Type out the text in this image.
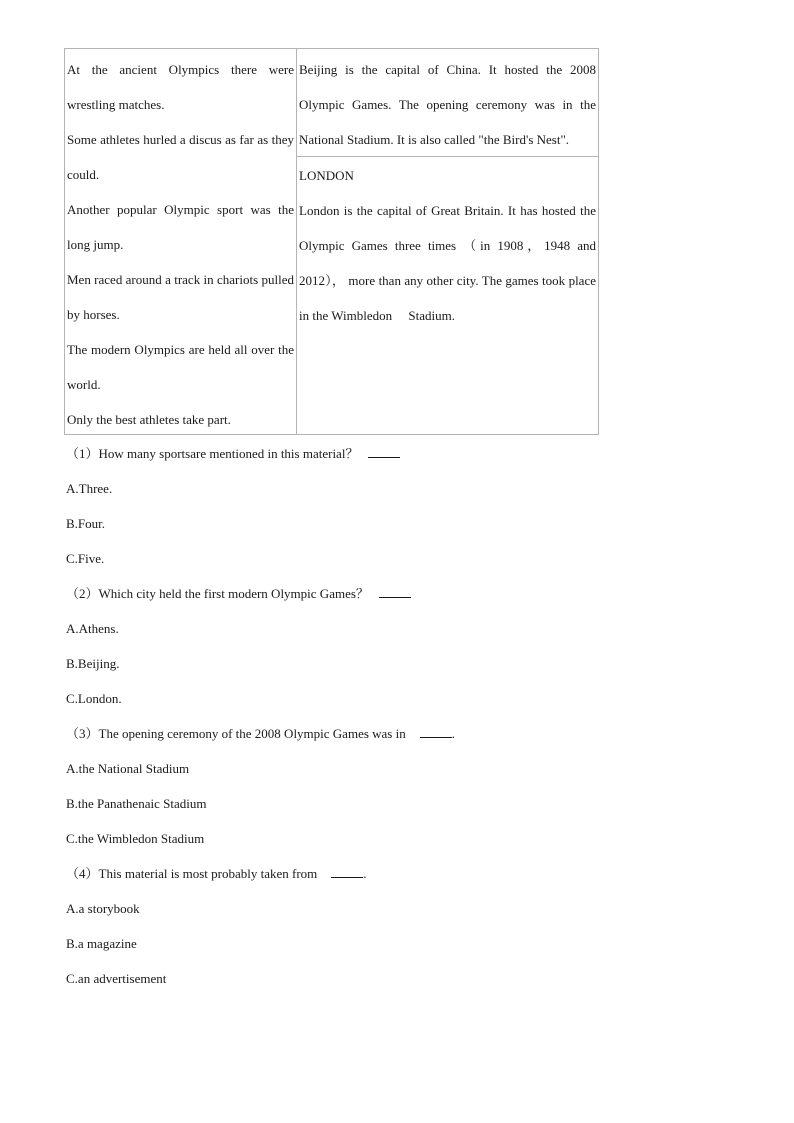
At the ancient Olympics there were wrestling matches.

Some athletes hurled a discus as far as they could.

Another popular Olympic sport was the long jump.

Men raced around a track in chariots pulled by horses.

The modern Olympics are held all over the world.

Only the best athletes take part.

Beijing is the capital of China. It hosted the 2008 Olympic Games. The opening ceremony was in the National Stadium. It is also called "the Bird's Nest".

LONDON

London is the capital of Great Britain. It has hosted the Olympic Games three times （in 1908，1948 and 2012）， more than any other city. The games took place in the Wimbledon　 Stadium.

（1）How many sportsare mentioned in this material？
A.Three.
B.Four.
C.Five.
（2）Which city held the first modern Olympic Games？
A.Athens.
B.Beijing.
C.London.
（3）The opening ceremony of the 2008 Olympic Games was in	.
A.the National Stadium
B.the Panathenaic Stadium
C.the Wimbledon Stadium
（4）This material is most probably taken from	.
A.a storybook
B.a magazine
C.an advertisement
